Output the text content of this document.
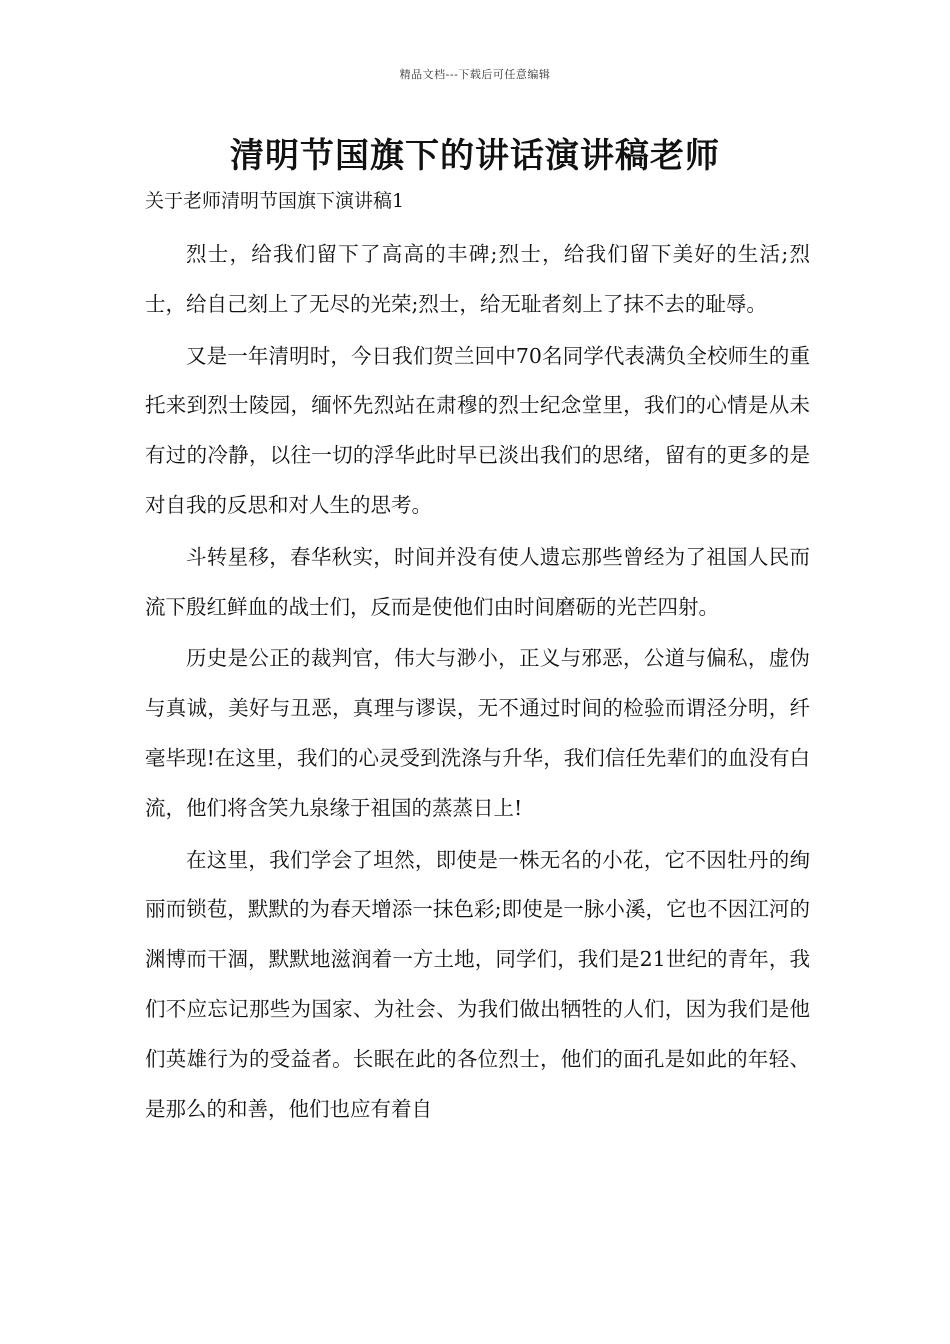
精品文档---下载后可任意编辑
清明节国旗下的讲话演讲稿老师
关于老师清明节国旗下演讲稿1

烈士，给我们留下了高高的丰碑;烈士，给我们留下美好的生活;烈士，给自己刻上了无尽的光荣;烈士，给无耻者刻上了抹不去的耻辱。

又是一年清明时，今日我们贺兰回中70名同学代表满负全校师生的重托来到烈士陵园，缅怀先烈站在肃穆的烈士纪念堂里，我们的心情是从未有过的冷静，以往一切的浮华此时早已淡出我们的思绪，留有的更多的是对自我的反思和对人生的思考。

斗转星移，春华秋实，时间并没有使人遗忘那些曾经为了祖国人民而流下殷红鲜血的战士们，反而是使他们由时间磨砺的光芒四射。

历史是公正的裁判官，伟大与渺小，正义与邪恶，公道与偏私，虚伪与真诚，美好与丑恶，真理与谬误，无不通过时间的检验而谓泾分明，纤毫毕现!在这里，我们的心灵受到洗涤与升华，我们信任先辈们的血没有白流，他们将含笑九泉缘于祖国的蒸蒸日上!

在这里，我们学会了坦然，即使是一株无名的小花，它不因牡丹的绚丽而锁苞，默默的为春天增添一抹色彩;即使是一脉小溪，它也不因江河的渊博而干涸，默默地滋润着一方土地，同学们，我们是21世纪的青年，我们不应忘记那些为国家、为社会、为我们做出牺牲的人们，因为我们是他们英雄行为的受益者。长眠在此的各位烈士，他们的面孔是如此的年轻、是那么的和善，他们也应有着自
